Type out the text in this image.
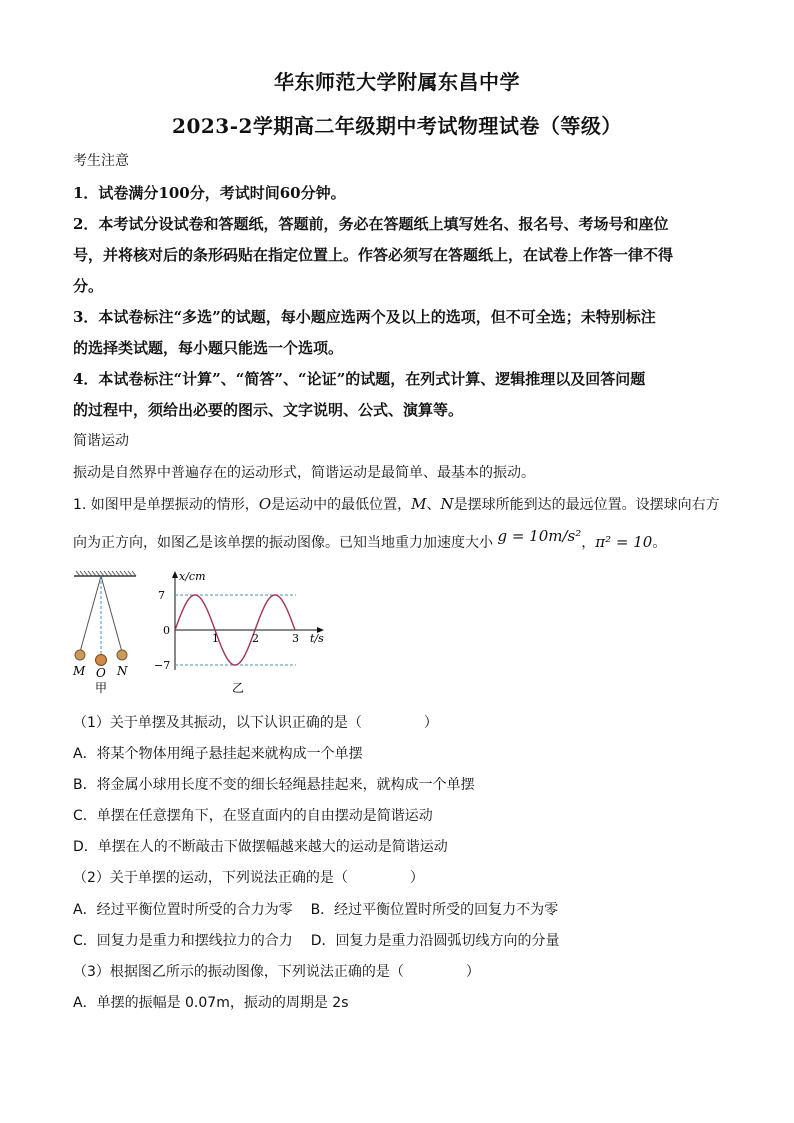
华东师范大学附属东昌中学
2023-2学期高二年级期中考试物理试卷（等级）
考生注意
1．试卷满分100分，考试时间60分钟。
2．本考试分设试卷和答题纸，答题前，务必在答题纸上填写姓名、报名号、考场号和座位
号，并将核对后的条形码贴在指定位置上。作答必须写在答题纸上，在试卷上作答一律不得
分。
3．本试卷标注“多选”的试题，每小题应选两个及以上的选项，但不可全选；未特别标注
的选择类试题，每小题只能选一个选项。
4．本试卷标注“计算”、“简答”、“论证”的试题，在列式计算、逻辑推理以及回答问题
的过程中，须给出必要的图示、文字说明、公式、演算等。
简谐运动
振动是自然界中普遍存在的运动形式，简谐运动是最简单、最基本的振动。
1. 如图甲是单摆振动的情形，O是运动中的最低位置，M、N是摆球所能到达的最远位置。设摆球向右方
向为正方向，如图乙是该单摆的振动图像。已知当地重力加速度大小 g = 10m/s²，π² = 10。
M O N
甲
x/cm
t/s
7
0
−7
1	2	3
乙
（1）关于单摆及其振动，以下认识正确的是（	）
A．将某个物体用绳子悬挂起来就构成一个单摆
B．将金属小球用长度不变的细长轻绳悬挂起来，就构成一个单摆
C．单摆在任意摆角下，在竖直面内的自由摆动是简谐运动
D．单摆在人的不断敲击下做摆幅越来越大的运动是简谐运动
（2）关于单摆的运动，下列说法正确的是（	）
A．经过平衡位置时所受的合力为零 B．经过平衡位置时所受的回复力不为零
C．回复力是重力和摆线拉力的合力 D．回复力是重力沿圆弧切线方向的分量
（3）根据图乙所示的振动图像，下列说法正确的是（	）
A．单摆的振幅是 0.07m，振动的周期是 2s
